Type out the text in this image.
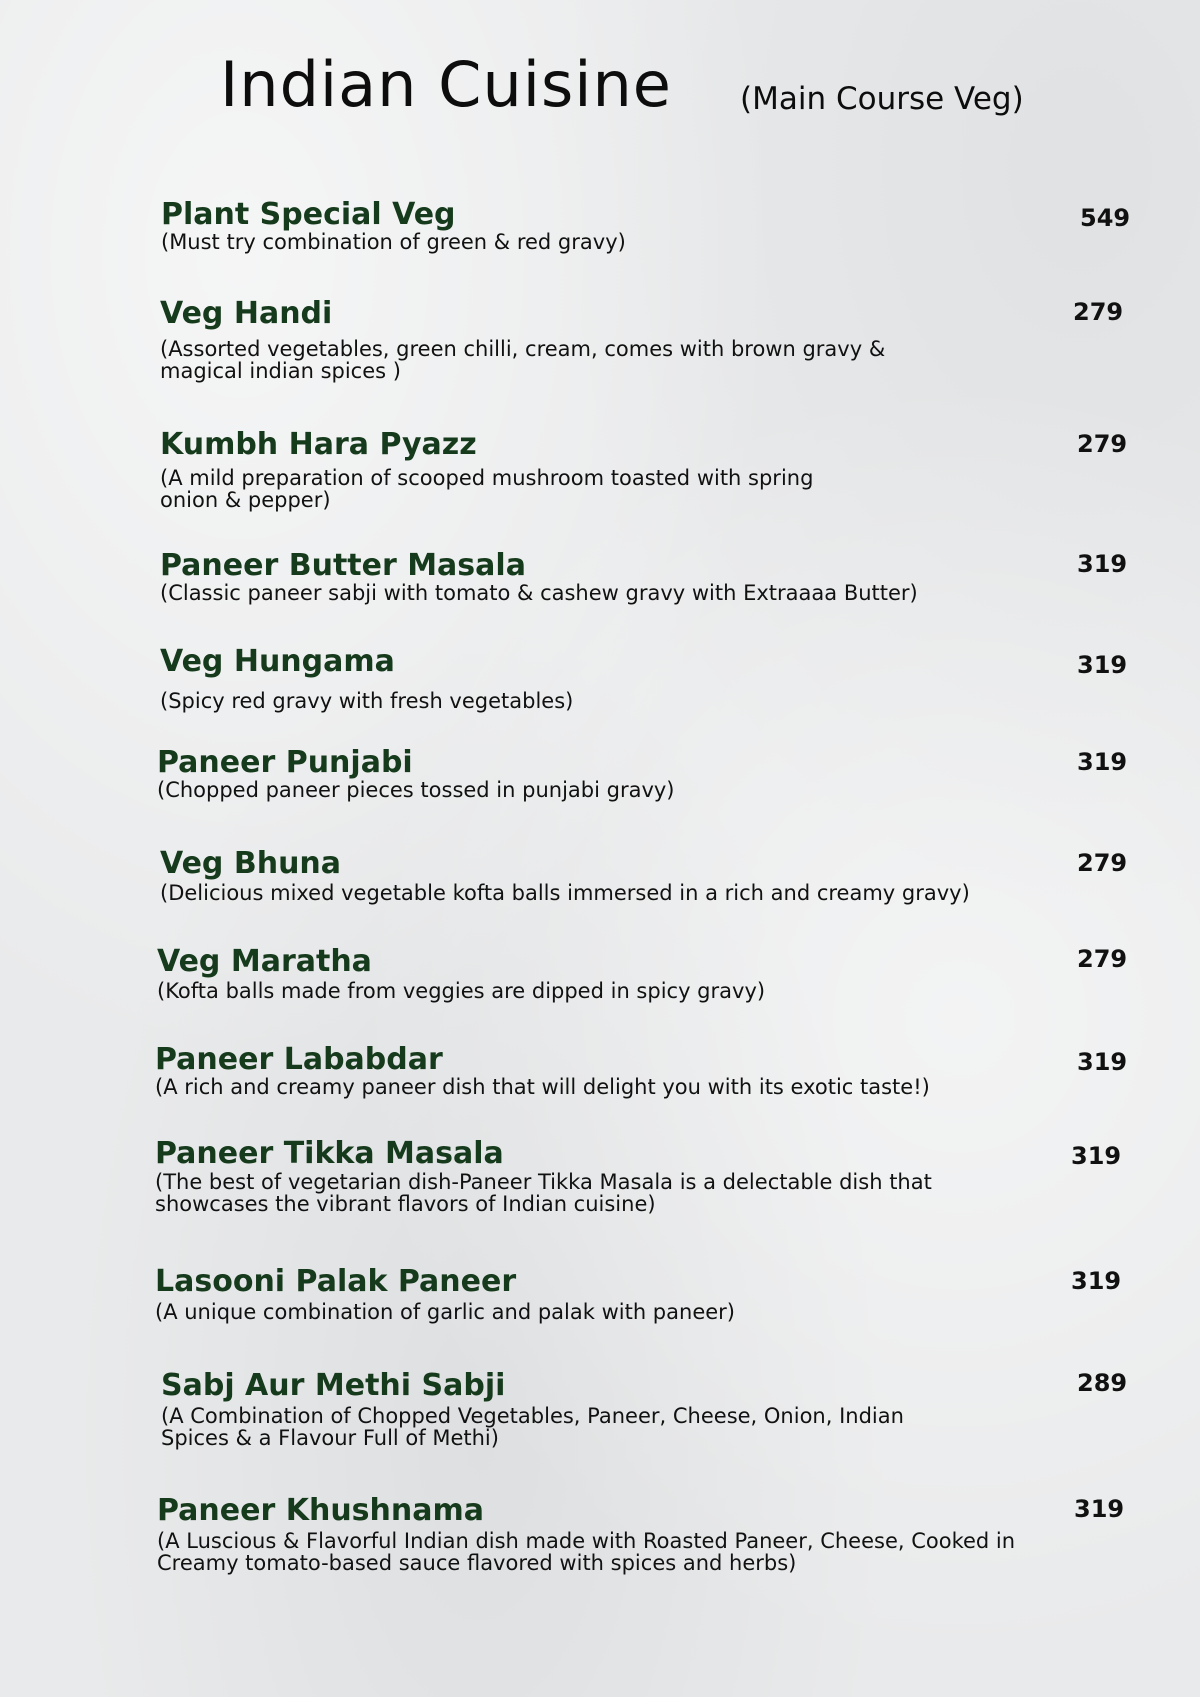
Indian Cuisine (Main Course Veg)
Plant Special Veg
(Must try combination of green & red gravy)
549
Veg Handi
(Assorted vegetables, green chilli, cream, comes with brown gravy & magical indian spices )
279
Kumbh Hara Pyazz
(A mild preparation of scooped mushroom toasted with spring onion & pepper)
279
Paneer Butter Masala
(Classic paneer sabji with tomato & cashew gravy with Extraaaa Butter)
319
Veg Hungama
(Spicy red gravy with fresh vegetables)
319
Paneer Punjabi
(Chopped paneer pieces tossed in punjabi gravy)
319
Veg Bhuna
(Delicious mixed vegetable kofta balls immersed in a rich and creamy gravy)
279
Veg Maratha
(Kofta balls made from veggies are dipped in spicy gravy)
279
Paneer Lababdar
(A rich and creamy paneer dish that will delight you with its exotic taste!)
319
Paneer Tikka Masala
(The best of vegetarian dish-Paneer Tikka Masala is a delectable dish that showcases the vibrant flavors of Indian cuisine)
319
Lasooni Palak Paneer
(A unique combination of garlic and palak with paneer)
319
Sabj Aur Methi Sabji
(A Combination of Chopped Vegetables, Paneer, Cheese, Onion, Indian Spices & a Flavour Full of Methi)
289
Paneer Khushnama
(A Luscious & Flavorful Indian dish made with Roasted Paneer, Cheese, Cooked in Creamy tomato-based sauce flavored with spices and herbs)
319
